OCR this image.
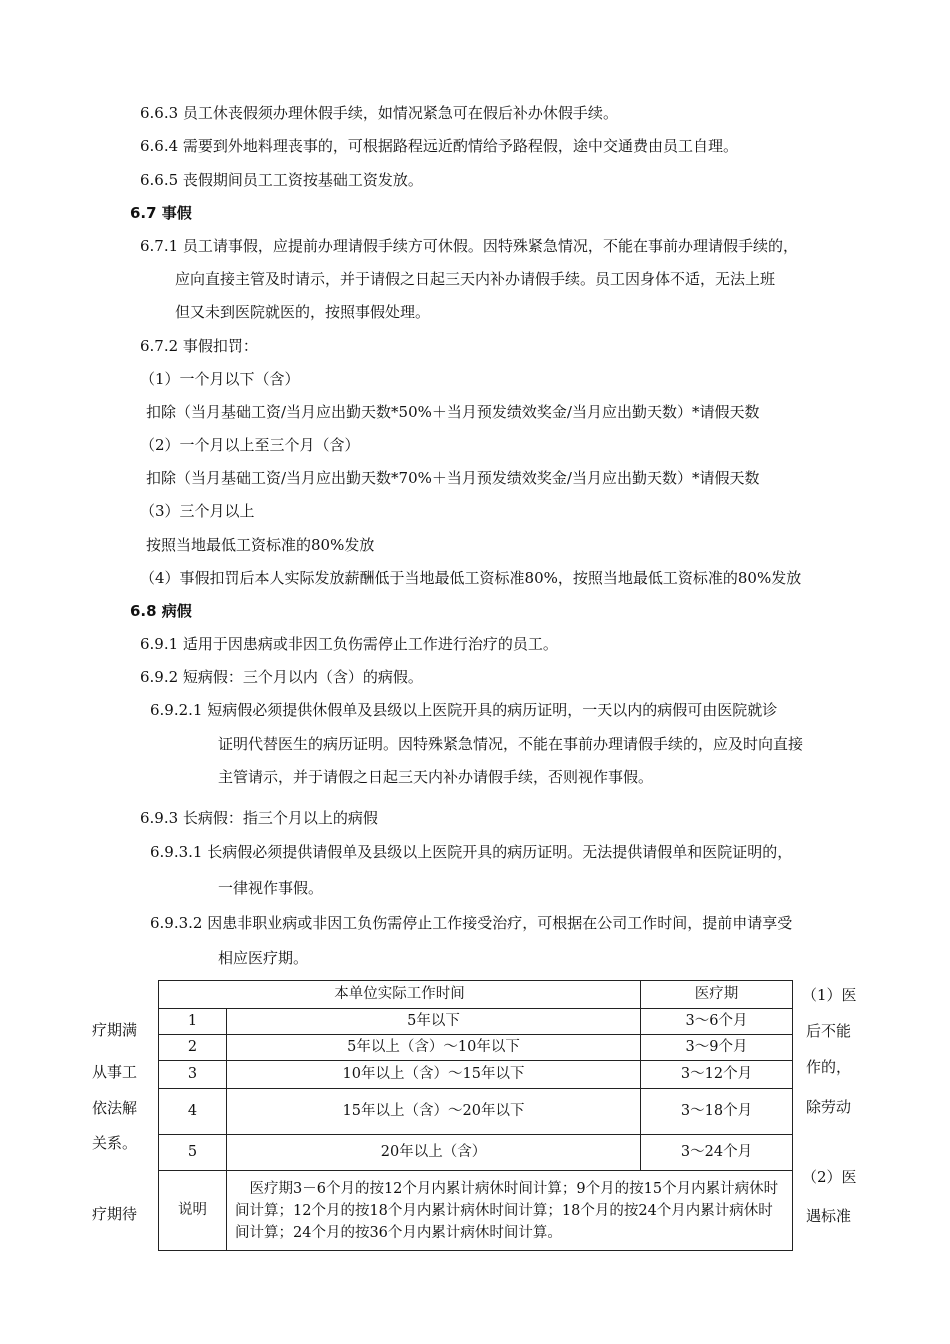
6.6.3 员工休丧假须办理休假手续，如情况紧急可在假后补办休假手续。
6.6.4 需要到外地料理丧事的，可根据路程远近酌情给予路程假，途中交通费由员工自理。
6.6.5 丧假期间员工工资按基础工资发放。
6.7 事假
6.7.1 员工请事假，应提前办理请假手续方可休假。因特殊紧急情况，不能在事前办理请假手续的，
应向直接主管及时请示，并于请假之日起三天内补办请假手续。员工因身体不适，无法上班
但又未到医院就医的，按照事假处理。
6.7.2 事假扣罚：
（1）一个月以下（含）
扣除（当月基础工资/当月应出勤天数*50%＋当月预发绩效奖金/当月应出勤天数）*请假天数
（2）一个月以上至三个月（含）
扣除（当月基础工资/当月应出勤天数*70%＋当月预发绩效奖金/当月应出勤天数）*请假天数
（3）三个月以上
按照当地最低工资标准的80%发放
（4）事假扣罚后本人实际发放薪酬低于当地最低工资标准80%，按照当地最低工资标准的80%发放
6.8 病假
6.9.1 适用于因患病或非因工负伤需停止工作进行治疗的员工。
6.9.2 短病假：三个月以内（含）的病假。
6.9.2.1 短病假必须提供休假单及县级以上医院开具的病历证明，一天以内的病假可由医院就诊
证明代替医生的病历证明。因特殊紧急情况，不能在事前办理请假手续的，应及时向直接
主管请示，并于请假之日起三天内补办请假手续，否则视作事假。
6.9.3 长病假：指三个月以上的病假
6.9.3.1 长病假必须提供请假单及县级以上医院开具的病历证明。无法提供请假单和医院证明的，
一律视作事假。
6.9.3.2 因患非职业病或非因工负伤需停止工作接受治疗，可根据在公司工作时间，提前申请享受
相应医疗期。
疗期满
从事工
依法解
关系。
疗期待
（1）医
后不能
作的，
除劳动
（2）医
遇标准
本单位实际工作时间		医疗期
1	5年以下	3～6个月
2	5年以上（含）～10年以下	3～9个月
3	10年以上（含）～15年以下	3～12个月
4	15年以上（含）～20年以下	3～18个月
5	20年以上（含）	3～24个月
说明	　医疗期3－6个月的按12个月内累计病休时间计算；9个月的按15个月内累计病休时间计算；12个月的按18个月内累计病休时间计算；18个月的按24个月内累计病休时间计算；24个月的按36个月内累计病休时间计算。	
